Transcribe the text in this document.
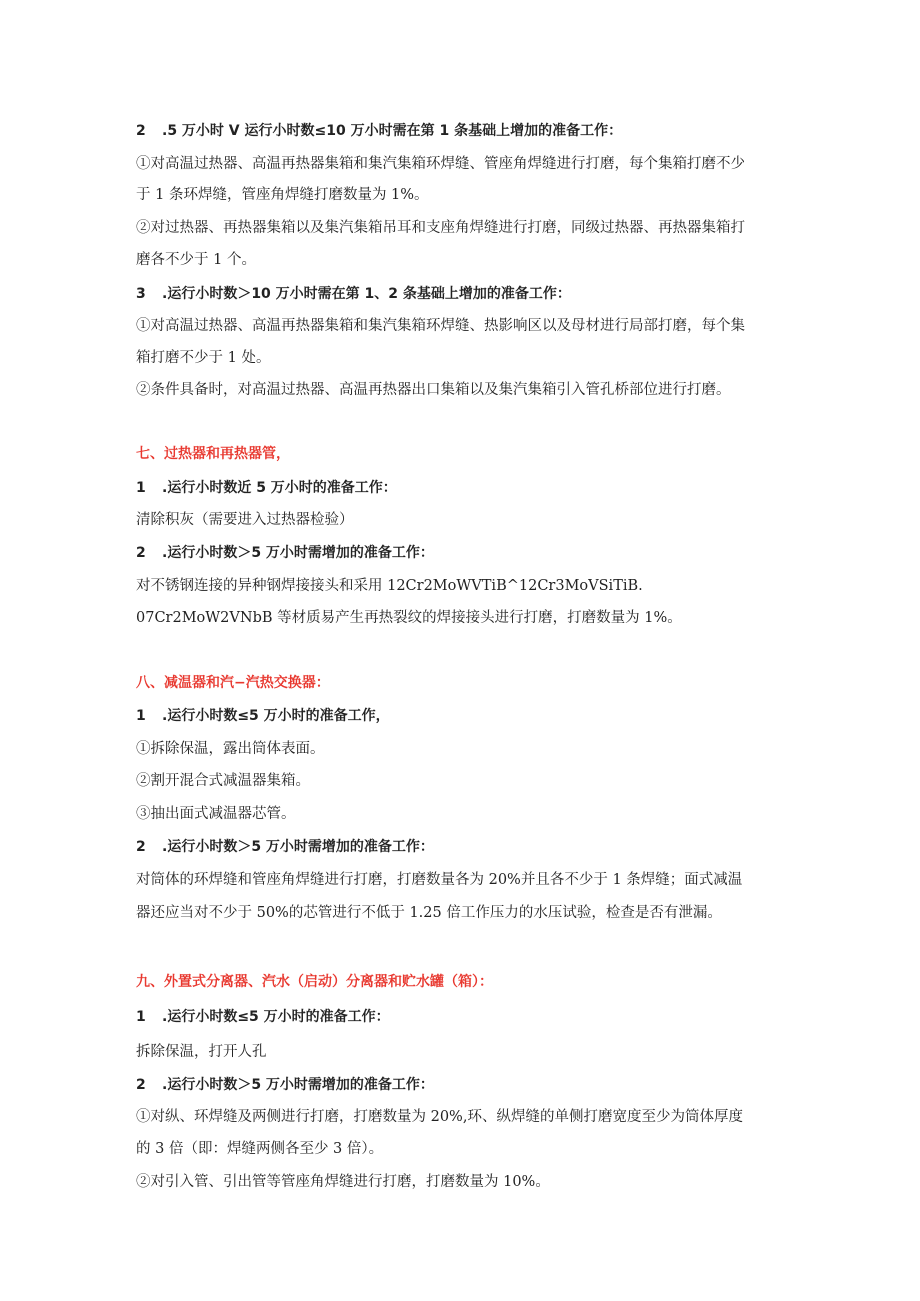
2 .5 万小时 V 运行小时数≤10 万小时需在第 1 条基础上增加的准备工作：
①对高温过热器、高温再热器集箱和集汽集箱环焊缝、管座角焊缝进行打磨，每个集箱打磨不少
于 1 条环焊缝，管座角焊缝打磨数量为 1%。
②对过热器、再热器集箱以及集汽集箱吊耳和支座角焊缝进行打磨，同级过热器、再热器集箱打
磨各不少于 1 个。
3 .运行小时数＞10 万小时需在第 1、2 条基础上增加的准备工作：
①对高温过热器、高温再热器集箱和集汽集箱环焊缝、热影响区以及母材进行局部打磨，每个集
箱打磨不少于 1 处。
②条件具备时，对高温过热器、高温再热器出口集箱以及集汽集箱引入管孔桥部位进行打磨。
七、过热器和再热器管，
1 .运行小时数近 5 万小时的准备工作：
清除积灰（需要进入过热器检验）
2 .运行小时数＞5 万小时需增加的准备工作：
对不锈钢连接的异种钢焊接接头和采用 12Cr2MoWVTiB^12Cr3MoVSiTiB.
07Cr2MoW2VNbB 等材质易产生再热裂纹的焊接接头进行打磨，打磨数量为 1%。
八、减温器和汽−汽热交换器：
1 .运行小时数≤5 万小时的准备工作，
①拆除保温，露出筒体表面。
②割开混合式减温器集箱。
③抽出面式减温器芯管。
2 .运行小时数＞5 万小时需增加的准备工作：
对筒体的环焊缝和管座角焊缝进行打磨，打磨数量各为 20%并且各不少于 1 条焊缝；面式减温
器还应当对不少于 50%的芯管进行不低于 1.25 倍工作压力的水压试验，检查是否有泄漏。
九、外置式分离器、汽水（启动）分离器和贮水罐（箱）：
1 .运行小时数≤5 万小时的准备工作：
拆除保温，打开人孔
2 .运行小时数＞5 万小时需增加的准备工作：
①对纵、环焊缝及两侧进行打磨，打磨数量为 20%,环、纵焊缝的单侧打磨宽度至少为筒体厚度
的 3 倍（即：焊缝两侧各至少 3 倍）。
②对引入管、引出管等管座角焊缝进行打磨，打磨数量为 10%。
